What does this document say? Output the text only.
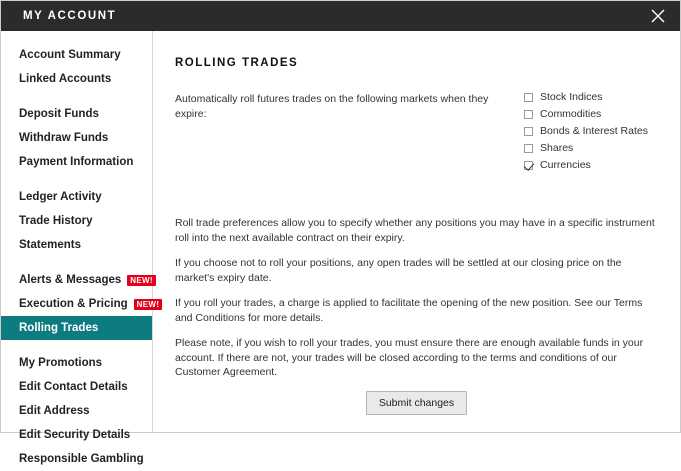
MY ACCOUNT
Account Summary
Linked Accounts
Deposit Funds
Withdraw Funds
Payment Information
Ledger Activity
Trade History
Statements
Alerts & Messages	NEW!
Execution & Pricing	NEW!
Rolling Trades
My Promotions
Edit Contact Details
Edit Address
Edit Security Details
Responsible Gambling
ROLLING TRADES
Automatically roll futures trades on the following markets when they expire:
Stock Indices
Commodities
Bonds & Interest Rates
Shares
Currencies
Roll trade preferences allow you to specify whether any positions you may have in a specific instrument roll into the next available contract on their expiry.
If you choose not to roll your positions, any open trades will be settled at our closing price on the market's expiry date.
If you roll your trades, a charge is applied to facilitate the opening of the new position. See our Terms and Conditions for more details.
Please note, if you wish to roll your trades, you must ensure there are enough available funds in your account. If there are not, your trades will be closed according to the terms and conditions of our Customer Agreement.
Submit changes
